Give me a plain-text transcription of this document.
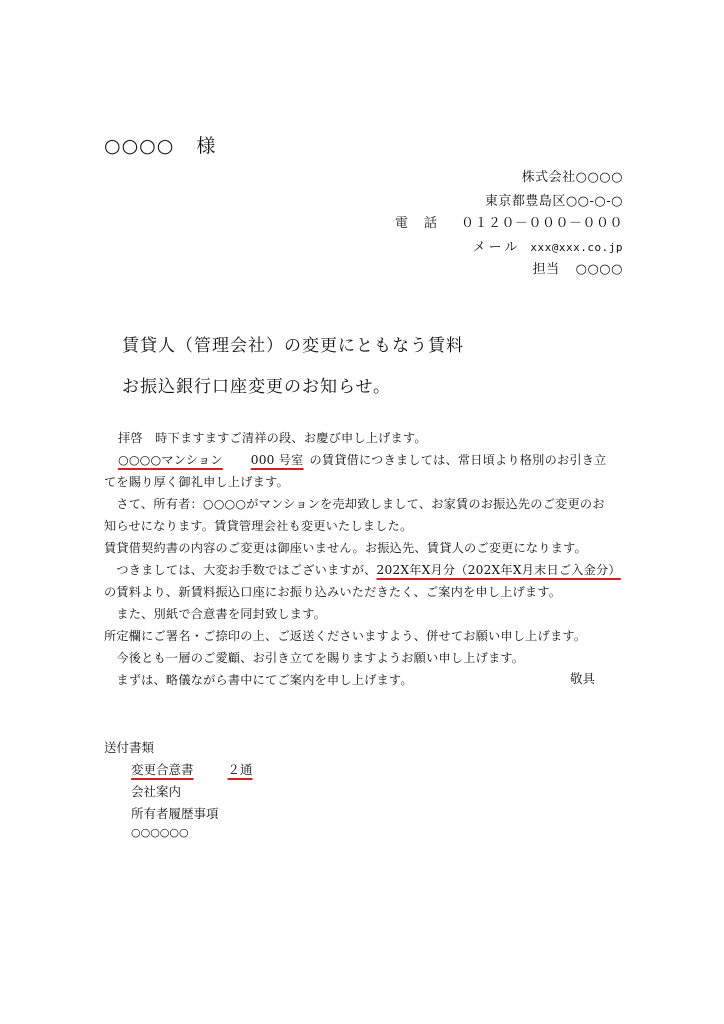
○○○○ 様
株式会社○○○○
東京都豊島区○○-○-○
電 話 ０１２０－０００－０００
メール xxx@xxx.co.jp
担当 ○○○○
賃貸人（管理会社）の変更にともなう賃料
お振込銀行口座変更のお知らせ。
拝啓　時下ますますご清祥の段、お慶び申し上げます。
○○○○マンション 000 号室 の賃貸借につきましては、常日頃より格別のお引き立
てを賜り厚く御礼申し上げます。
　さて、所有者：○○○○がマンションを売却致しまして、お家賃のお振込先のご変更のお
知らせになります。賃貸管理会社も変更いたしました。
賃貸借契約書の内容のご変更は御座いません。お振込先、賃貸人のご変更になります。
　つきましては、大変お手数ではございますが、202X年X月分（202X年X月末日ご入金分）
の賃料より、新賃料振込口座にお振り込みいただきたく、ご案内を申し上げます。
　また、別紙で合意書を同封致します。
所定欄にご署名・ご捺印の上、ご返送くださいますよう、併せてお願い申し上げます。
　今後とも一層のご愛顧、お引き立てを賜りますようお願い申し上げます。
　まずは、略儀ながら書中にてご案内を申し上げます。	敬具
送付書類
変更合意書	２通
会社案内
所有者履歴事項
○○○○○○
